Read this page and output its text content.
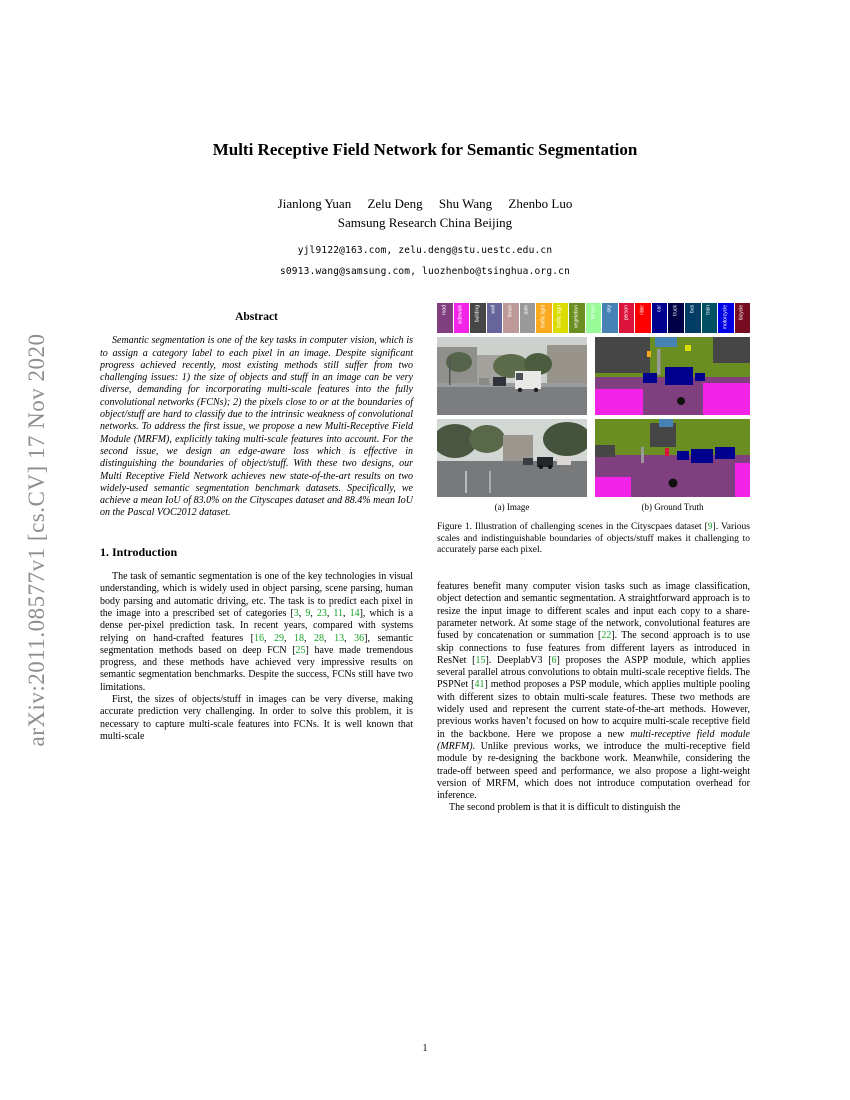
arXiv:2011.08577v1 [cs.CV] 17 Nov 2020
Multi Receptive Field Network for Semantic Segmentation
Jianlong Yuan     Zelu Deng     Shu Wang     Zhenbo Luo
Samsung Research China Beijing
yjl9122@163.com, zelu.deng@stu.uestc.edu.cn
s0913.wang@samsung.com, luozhenbo@tsinghua.org.cn
Abstract

Semantic segmentation is one of the key tasks in computer vision, which is to assign a category label to each pixel in an image. Despite significant progress achieved recently, most existing methods still suffer from two challenging issues: 1) the size of objects and stuff in an image can be very diverse, demanding for incorporating multi-scale features into the fully convolutional networks (FCNs); 2) the pixels close to or at the boundaries of object/stuff are hard to classify due to the intrinsic weakness of convolutional networks. To address the first issue, we propose a new Multi-Receptive Field Module (MRFM), explicitly taking multi-scale features into account. For the second issue, we design an edge-aware loss which is effective in distinguishing the boundaries of object/stuff. With these two designs, our Multi Receptive Field Network achieves new state-of-the-art results on two widely-used semantic segmentation benchmark datasets. Specifically, we achieve a mean IoU of 83.0% on the Cityscapes dataset and 88.4% mean IoU on the Pascal VOC2012 dataset.

1. Introduction

The task of semantic segmentation is one of the key technologies in visual understanding, which is widely used in object parsing, scene parsing, human body parsing and automatic driving, etc. The task is to predict each pixel in the image into a prescribed set of categories [3, 9, 23, 11, 14], which is a dense per-pixel prediction task. In recent years, compared with systems relying on hand-crafted features [16, 29, 18, 28, 13, 36], semantic segmentation methods based on deep FCN [25] have made tremendous progress, and these methods have achieved very impressive results on semantic segmentation benchmarks. Despite the success, FCNs still have two limitations.

First, the sizes of objects/stuff in images can be very diverse, making accurate prediction very challenging. In order to solve this problem, it is necessary to capture multi-scale features into FCNs. It is well known that multi-scale

road sidewalk building wall fence pole traffic light traffic sign vegetation terrain sky person rider car truck bus train motorcycle bicycle
(a) Image	(b) Ground Truth
Figure 1. Illustration of challenging scenes in the Cityscpaes dataset [9]. Various scales and indistinguishable boundaries of objects/stuff makes it challenging to accurately parse each pixel.

features benefit many computer vision tasks such as image classification, object detection and semantic segmentation. A straightforward approach is to resize the input image to different scales and input each copy to a share-parameter network. At some stage of the network, convolutional features are fused by concatenation or summation [22]. The second approach is to use skip connections to fuse features from different layers as introduced in ResNet [15]. DeeplabV3 [6] proposes the ASPP module, which applies several parallel atrous convolutions to obtain multi-scale receptive fields. The PSPNet [41] method proposes a PSP module, which applies multiple pooling with different sizes to obtain multi-scale features. These two methods are widely used and represent the current state-of-the-art methods. However, previous works haven’t focused on how to acquire multi-scale receptive field in the backbone. Here we propose a new multi-receptive field module (MRFM). Unlike previous works, we introduce the multi-receptive field module by re-designing the backbone work. Meanwhile, considering the trade-off between speed and performance, we also propose a light-weight version of MRFM, which does not introduce computation overhead for inference.

The second problem is that it is difficult to distinguish the

1
